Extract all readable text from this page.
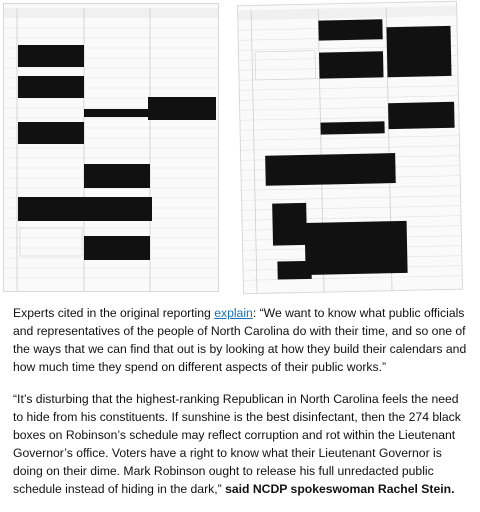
Experts cited in the original reporting explain: “We want to know what public officials and representatives of the people of North Carolina do with their time, and so one of the ways that we can find that out is by looking at how they build their calendars and how much time they spend on different aspects of their public works.”

“It’s disturbing that the highest-ranking Republican in North Carolina feels the need to hide from his constituents. If sunshine is the best disinfectant, then the 274 black boxes on Robinson’s schedule may reflect corruption and rot within the Lieutenant Governor’s office. Voters have a right to know what their Lieutenant Governor is doing on their dime. Mark Robinson ought to release his full unredacted public schedule instead of hiding in the dark,” said NCDP spokeswoman Rachel Stein.
